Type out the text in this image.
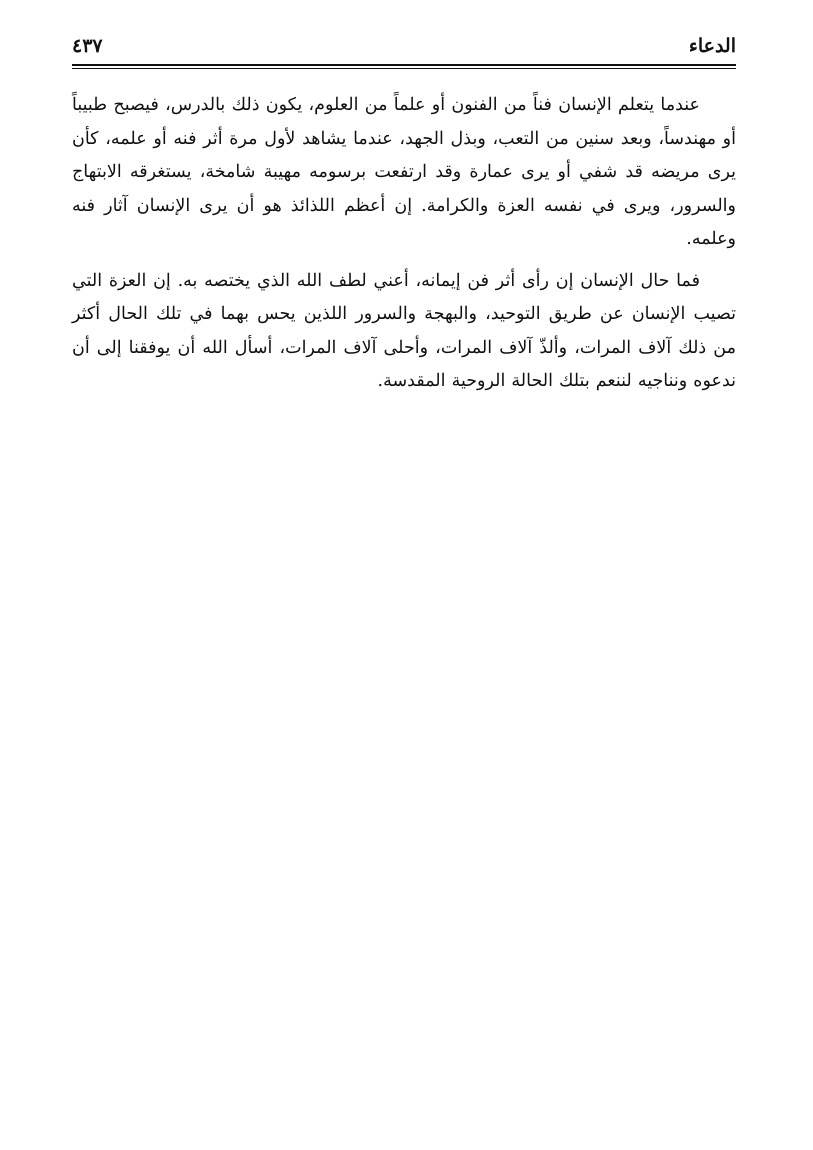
الدعاء
٤٣٧

عندما يتعلم الإنسان فناً من الفنون أو علماً من العلوم، يكون ذلك بالدرس، فيصبح طبيباً أو مهندساً، وبعد سنين من التعب، وبذل الجهد، عندما يشاهد لأول مرة أثر فنه أو علمه، كأن يرى مريضه قد شفي أو يرى عمارة وقد ارتفعت برسومه مهيبة شامخة، يستغرقه الابتهاج والسرور، ويرى في نفسه العزة والكرامة. إن أعظم اللذائذ هو أن يرى الإنسان آثار فنه وعلمه.

فما حال الإنسان إن رأى أثر فن إيمانه، أعني لطف الله الذي يختصه به. إن العزة التي تصيب الإنسان عن طريق التوحيد، والبهجة والسرور اللذين يحس بهما في تلك الحال أكثر من ذلك آلاف المرات، وألذّ آلاف المرات، وأحلى آلاف المرات، أسأل الله أن يوفقنا إلى أن ندعوه ونناجيه لننعم بتلك الحالة الروحية المقدسة.
